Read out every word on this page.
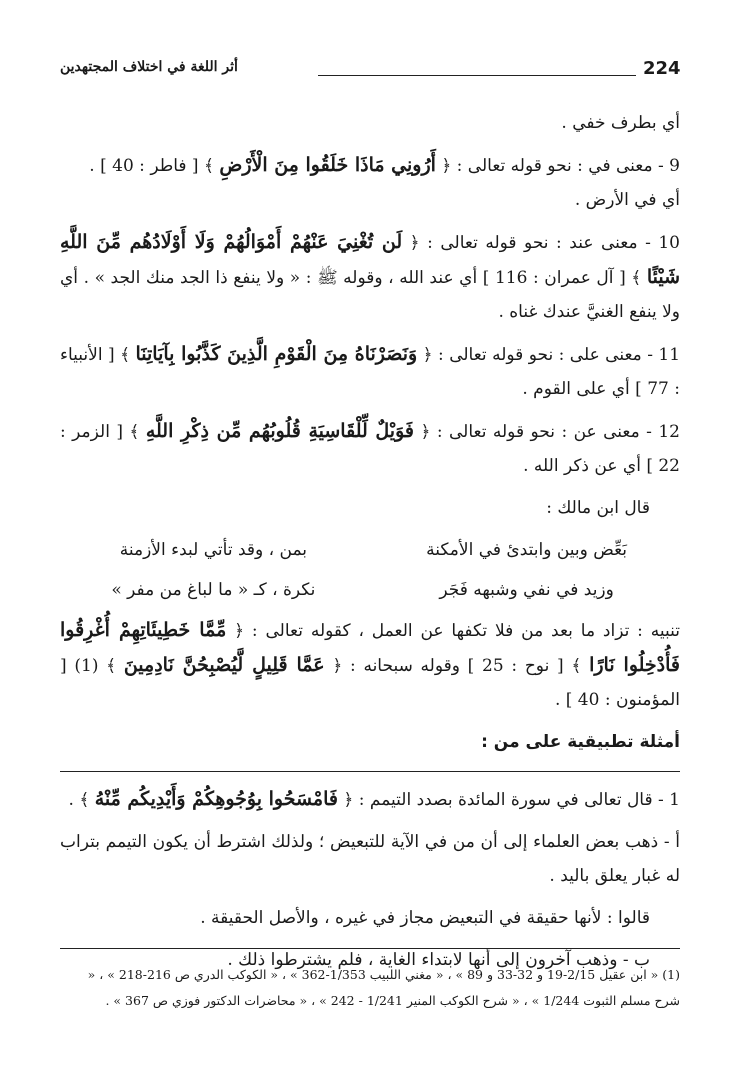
224
أثر اللغة في اختلاف المجتهدين

أي بطرف خفي .

9 - معنى في : نحو قوله تعالى : ﴿ أَرُونِي مَاذَا خَلَقُوا مِنَ الْأَرْضِ ﴾ [ فاطر : 40 ] .
أي في الأرض .

10 - معنى عند : نحو قوله تعالى : ﴿ لَن تُغْنِيَ عَنْهُمْ أَمْوَالُهُمْ وَلَا أَوْلَادُهُم مِّنَ اللَّهِ شَيْئًا ﴾ [ آل عمران : 116 ] أي عند الله ، وقوله ﷺ : « ولا ينفع ذا الجد منك الجد » . أي ولا ينفع الغنيَّ عندك غناه .

11 - معنى على : نحو قوله تعالى : ﴿ وَنَصَرْنَاهُ مِنَ الْقَوْمِ الَّذِينَ كَذَّبُوا بِآيَاتِنَا ﴾ [ الأنبياء : 77 ] أي على القوم .

12 - معنى عن : نحو قوله تعالى : ﴿ فَوَيْلٌ لِّلْقَاسِيَةِ قُلُوبُهُم مِّن ذِكْرِ اللَّهِ ﴾ [ الزمر : 22 ] أي عن ذكر الله .

قال ابن مالك :

بَعِّض وبين وابتدئ في الأمكنة
بمن ، وقد تأتي لبدء الأزمنة
وزيد في نفي وشبهه فَجَر
نكرة ، كـ « ما لباغ من مفر »

تنبيه : تزاد ما بعد من فلا تكفها عن العمل ، كقوله تعالى : ﴿ مِّمَّا خَطِيئَاتِهِمْ أُغْرِقُوا فَأُدْخِلُوا نَارًا ﴾ [ نوح : 25 ] وقوله سبحانه : ﴿ عَمَّا قَلِيلٍ لَّيُصْبِحُنَّ نَادِمِينَ ﴾ (1) [ المؤمنون : 40 ] .

أمثلة تطبيقية على من :

1 - قال تعالى في سورة المائدة بصدد التيمم : ﴿ فَامْسَحُوا بِوُجُوهِكُمْ وَأَيْدِيكُم مِّنْهُ ﴾ .

أ - ذهب بعض العلماء إلى أن من في الآية للتبعيض ؛ ولذلك اشترط أن يكون التيمم بتراب له غبار يعلق باليد .

قالوا : لأنها حقيقة في التبعيض مجاز في غيره ، والأصل الحقيقة .

ب - وذهب آخرون إلى أنها لابتداء الغاية ، فلم يشترطوا ذلك .

(1) « ابن عقيل 2/15-19 و 32-33 و 89 » ، « مغني اللبيب 1/353-362 » ، « الكوكب الدري ص 216-218 » ، « شرح مسلم الثبوت 1/244 » ، « شرح الكوكب المنير 1/241 - 242 » ، « محاضرات الدكتور فوزي ص 367 » .
